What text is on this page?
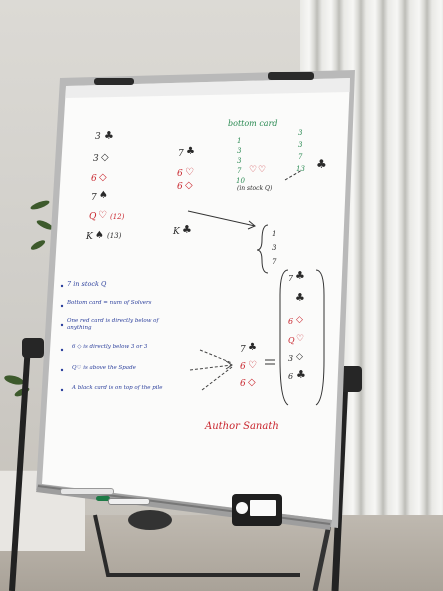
3 ♣
3 ◇
6 ◇
7 ♠
Q ♡ (12)
K ♠ (13)
7 ♣
6 ♡
6 ◇
bottom card
1
3
3
7
10
♡ ♡
(in stock Q)
3
3
7
13 ♣
K ♣	1
3
7
7 in stock Q
Bottom card = num of Solvers
One red card is directly below of anything
6 ◇ is directly below 3 or 3
Q♡ is above the Spade
A black card is on top of the pile
7 ♣
6 ♡
6 ◇
7 ♣
♣
6 ◇
Q ♡
3 ◇
6 ♣
Author Sanath
